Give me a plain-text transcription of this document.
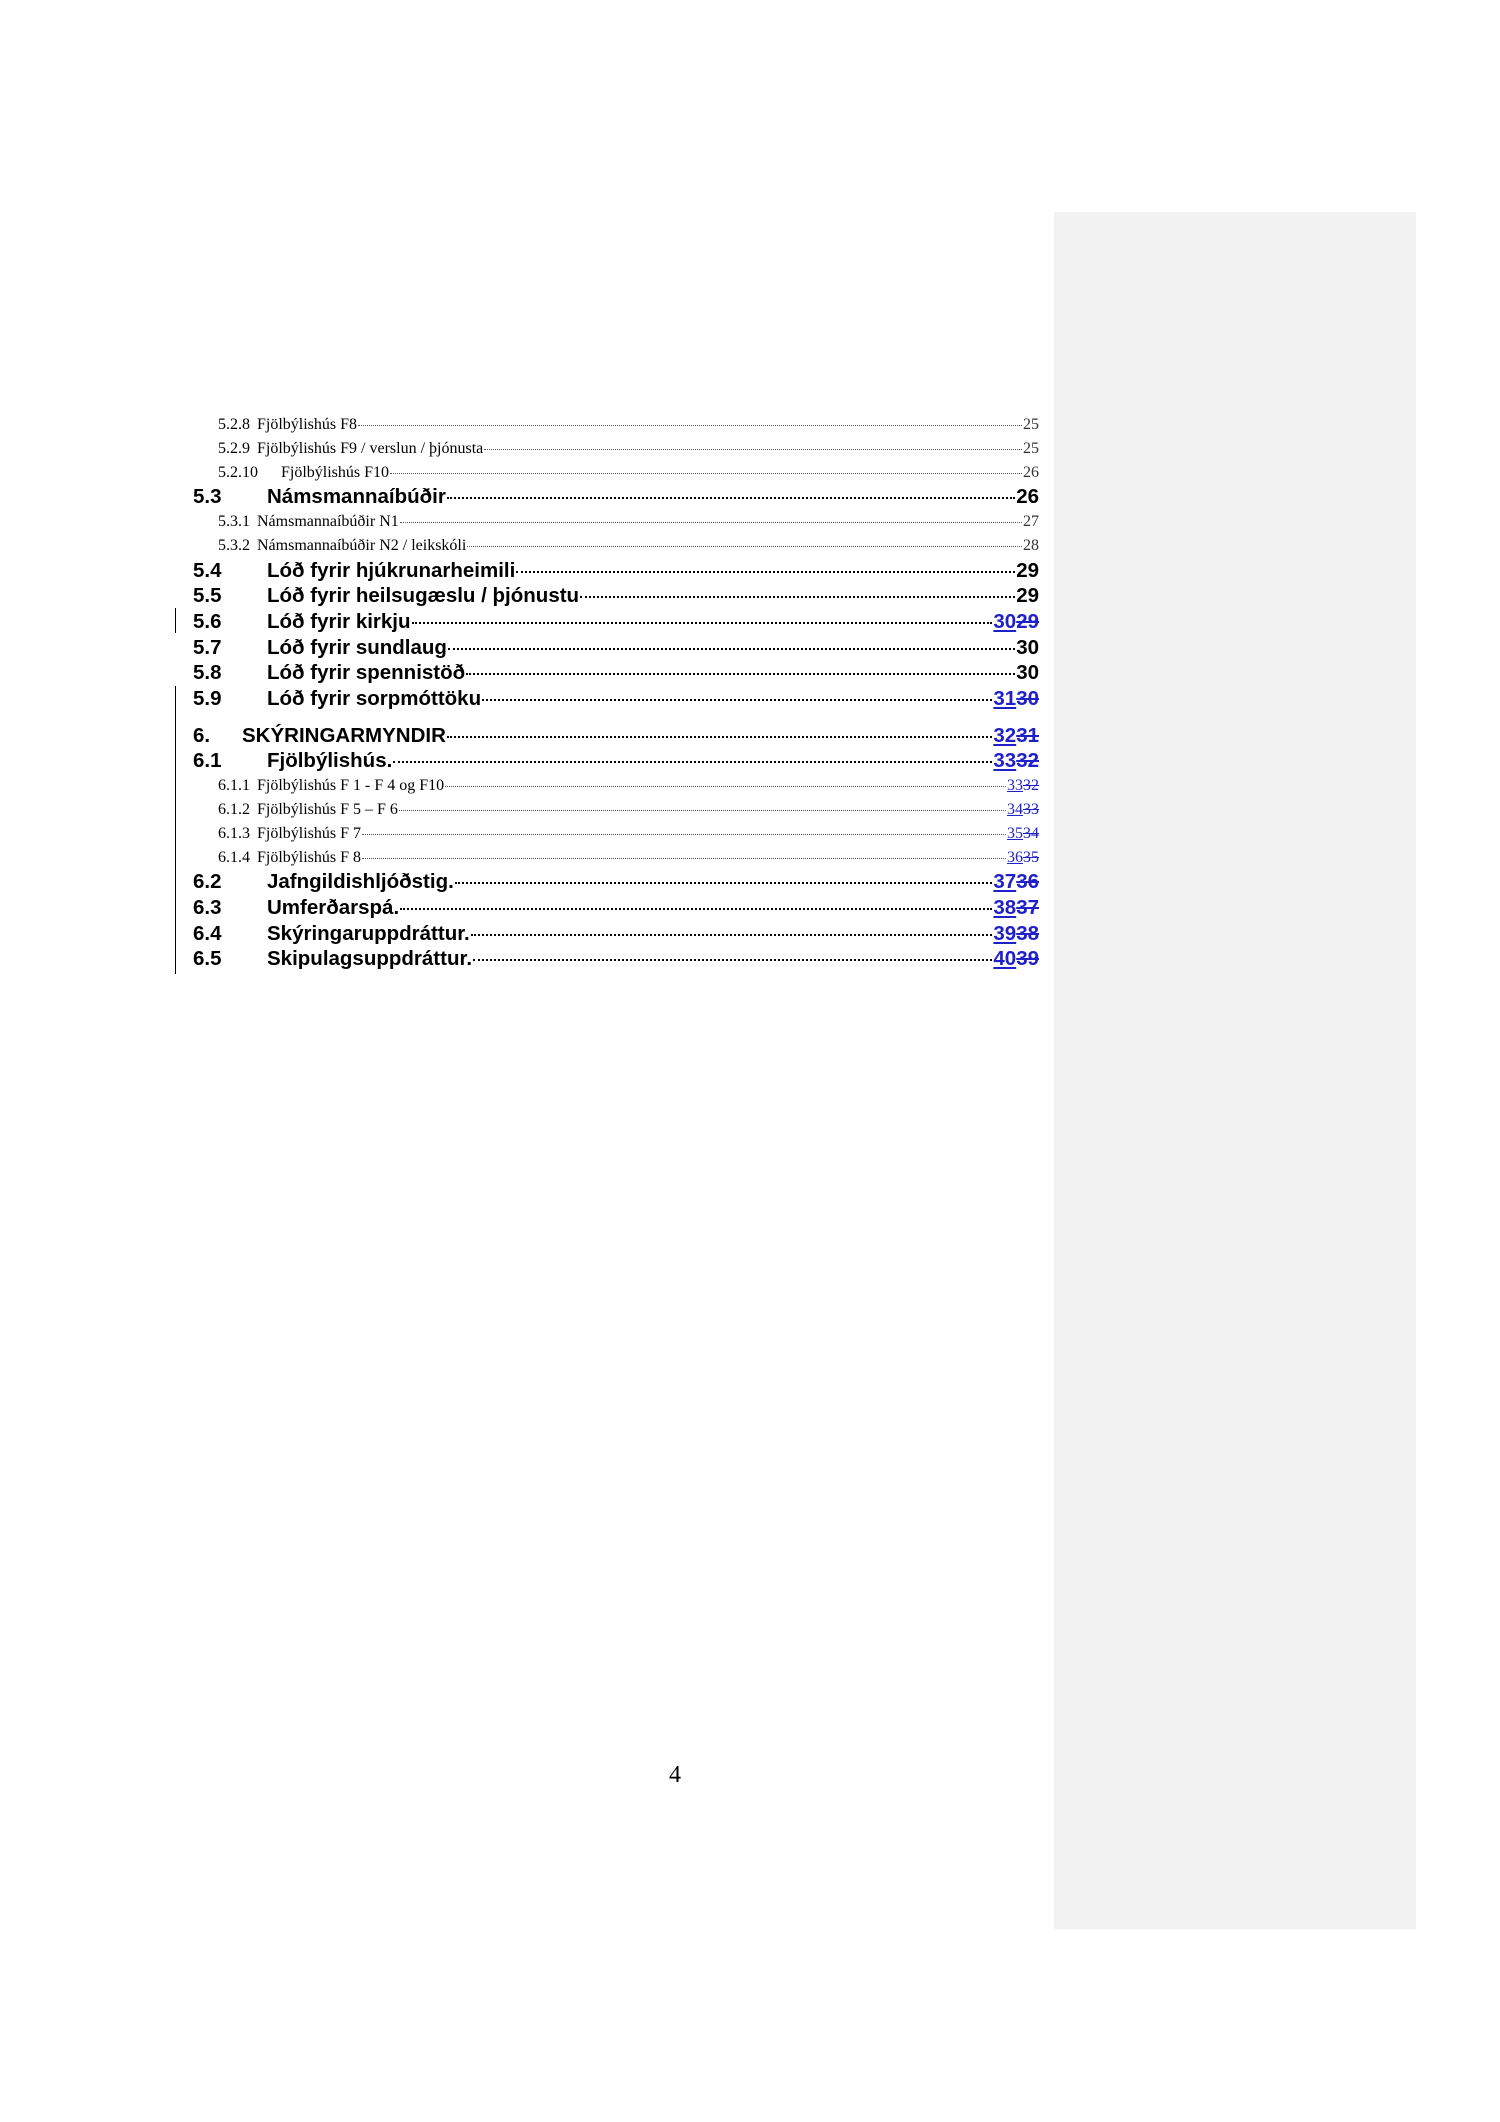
5.2.8 Fjölbýlishús F8	25
5.2.9 Fjölbýlishús F9 / verslun / þjónusta	25
5.2.10	Fjölbýlishús F10	26
5.3	Námsmannaíbúðir	26
5.3.1 Námsmannaíbúðir N1	27
5.3.2 Námsmannaíbúðir N2 / leikskóli	28
5.4	Lóð fyrir hjúkrunarheimili	29
5.5	Lóð fyrir heilsugæslu / þjónustu	29
5.6	Lóð fyrir kirkju	3029
5.7	Lóð fyrir sundlaug	30
5.8	Lóð fyrir spennistöð	30
5.9	Lóð fyrir sorpmóttöku	3130
6.	SKÝRINGARMYNDIR	3231
6.1	Fjölbýlishús.	3332
6.1.1 Fjölbýlishús F 1 - F 4 og F10	3332
6.1.2 Fjölbýlishús F 5 – F 6	3433
6.1.3 Fjölbýlishús F 7	3534
6.1.4 Fjölbýlishús F 8	3635
6.2	Jafngildishljóðstig.	3736
6.3	Umferðarspá.	3837
6.4	Skýringaruppdráttur.	3938
6.5	Skipulagsuppdráttur.	4039
4
